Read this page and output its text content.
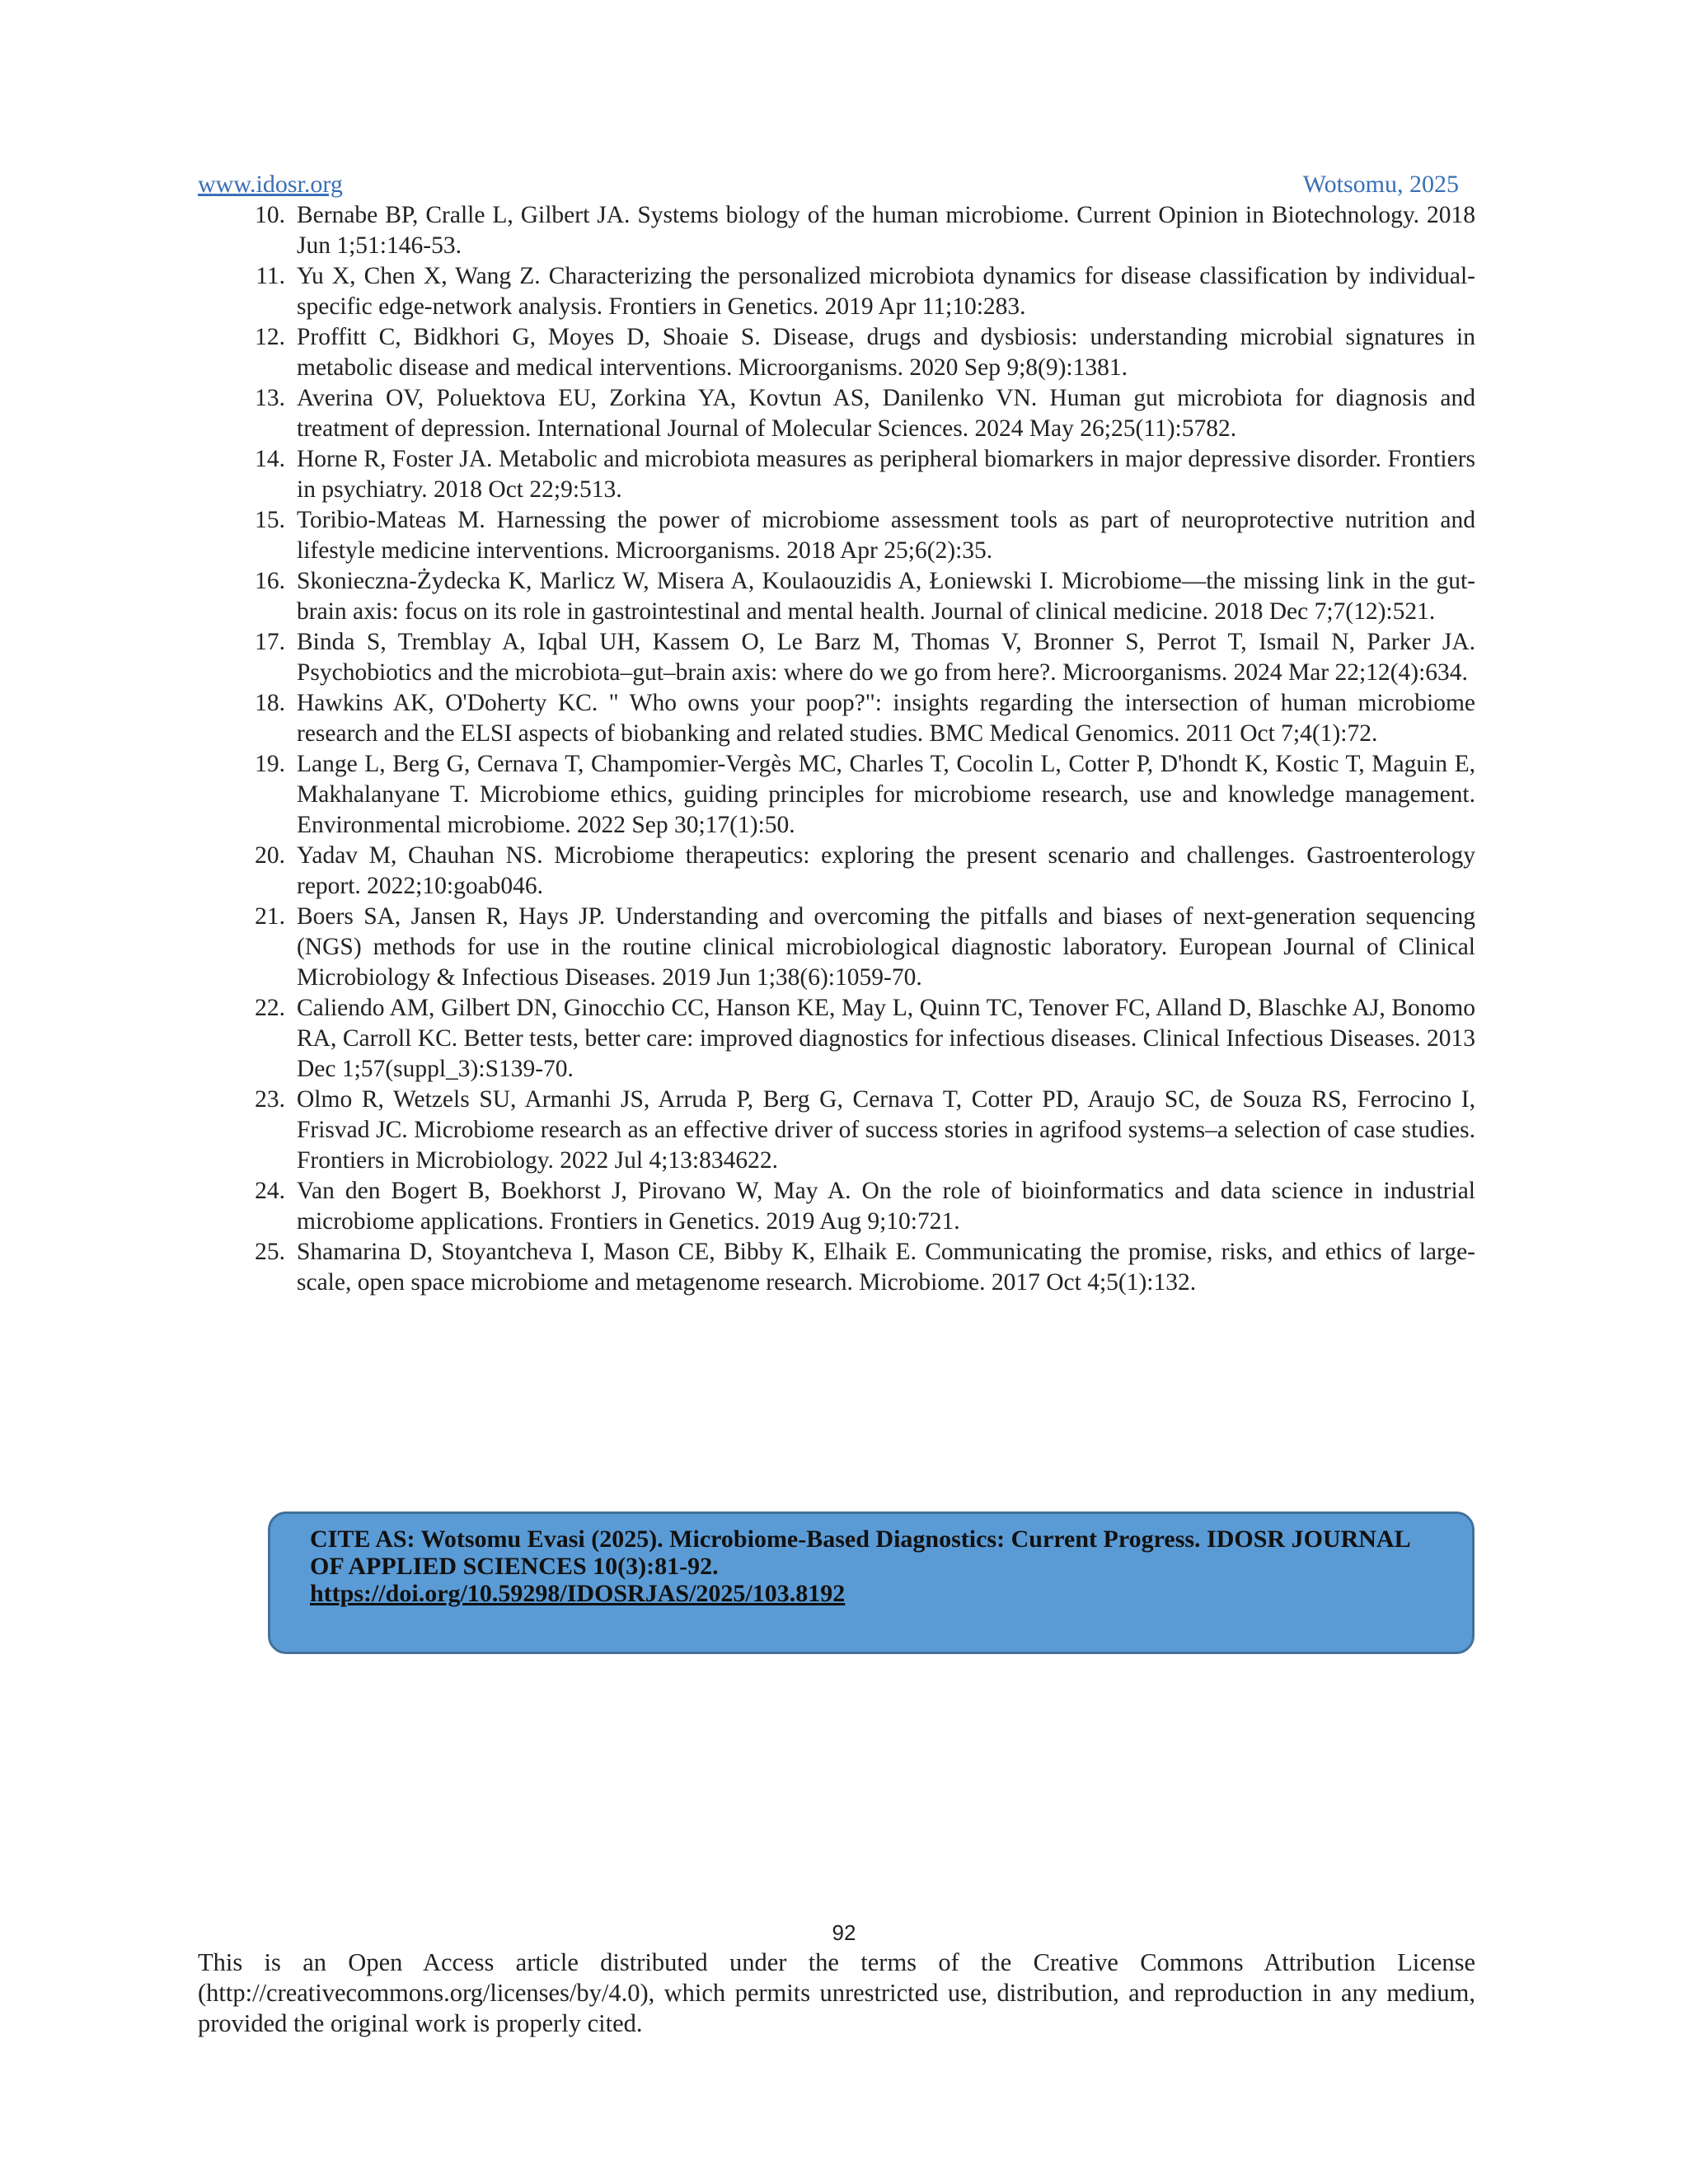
www.idosr.org	Wotsomu, 2025
10. Bernabe BP, Cralle L, Gilbert JA. Systems biology of the human microbiome. Current Opinion in Biotechnology. 2018 Jun 1;51:146-53.
11. Yu X, Chen X, Wang Z. Characterizing the personalized microbiota dynamics for disease classification by individual-specific edge-network analysis. Frontiers in Genetics. 2019 Apr 11;10:283.
12. Proffitt C, Bidkhori G, Moyes D, Shoaie S. Disease, drugs and dysbiosis: understanding microbial signatures in metabolic disease and medical interventions. Microorganisms. 2020 Sep 9;8(9):1381.
13. Averina OV, Poluektova EU, Zorkina YA, Kovtun AS, Danilenko VN. Human gut microbiota for diagnosis and treatment of depression. International Journal of Molecular Sciences. 2024 May 26;25(11):5782.
14. Horne R, Foster JA. Metabolic and microbiota measures as peripheral biomarkers in major depressive disorder. Frontiers in psychiatry. 2018 Oct 22;9:513.
15. Toribio-Mateas M. Harnessing the power of microbiome assessment tools as part of neuroprotective nutrition and lifestyle medicine interventions. Microorganisms. 2018 Apr 25;6(2):35.
16. Skonieczna-Żydecka K, Marlicz W, Misera A, Koulaouzidis A, Łoniewski I. Microbiome—the missing link in the gut-brain axis: focus on its role in gastrointestinal and mental health. Journal of clinical medicine. 2018 Dec 7;7(12):521.
17. Binda S, Tremblay A, Iqbal UH, Kassem O, Le Barz M, Thomas V, Bronner S, Perrot T, Ismail N, Parker JA. Psychobiotics and the microbiota–gut–brain axis: where do we go from here?. Microorganisms. 2024 Mar 22;12(4):634.
18. Hawkins AK, O'Doherty KC. " Who owns your poop?": insights regarding the intersection of human microbiome research and the ELSI aspects of biobanking and related studies. BMC Medical Genomics. 2011 Oct 7;4(1):72.
19. Lange L, Berg G, Cernava T, Champomier-Vergès MC, Charles T, Cocolin L, Cotter P, D'hondt K, Kostic T, Maguin E, Makhalanyane T. Microbiome ethics, guiding principles for microbiome research, use and knowledge management. Environmental microbiome. 2022 Sep 30;17(1):50.
20. Yadav M, Chauhan NS. Microbiome therapeutics: exploring the present scenario and challenges. Gastroenterology report. 2022;10:goab046.
21. Boers SA, Jansen R, Hays JP. Understanding and overcoming the pitfalls and biases of next-generation sequencing (NGS) methods for use in the routine clinical microbiological diagnostic laboratory. European Journal of Clinical Microbiology & Infectious Diseases. 2019 Jun 1;38(6):1059-70.
22. Caliendo AM, Gilbert DN, Ginocchio CC, Hanson KE, May L, Quinn TC, Tenover FC, Alland D, Blaschke AJ, Bonomo RA, Carroll KC. Better tests, better care: improved diagnostics for infectious diseases. Clinical Infectious Diseases. 2013 Dec 1;57(suppl_3):S139-70.
23. Olmo R, Wetzels SU, Armanhi JS, Arruda P, Berg G, Cernava T, Cotter PD, Araujo SC, de Souza RS, Ferrocino I, Frisvad JC. Microbiome research as an effective driver of success stories in agrifood systems–a selection of case studies. Frontiers in Microbiology. 2022 Jul 4;13:834622.
24. Van den Bogert B, Boekhorst J, Pirovano W, May A. On the role of bioinformatics and data science in industrial microbiome applications. Frontiers in Genetics. 2019 Aug 9;10:721.
25. Shamarina D, Stoyantcheva I, Mason CE, Bibby K, Elhaik E. Communicating the promise, risks, and ethics of large-scale, open space microbiome and metagenome research. Microbiome. 2017 Oct 4;5(1):132.
CITE AS: Wotsomu Evasi (2025). Microbiome-Based Diagnostics: Current Progress. IDOSR JOURNAL OF APPLIED SCIENCES 10(3):81-92.
https://doi.org/10.59298/IDOSRJAS/2025/103.8192
92
This is an Open Access article distributed under the terms of the Creative Commons Attribution License (http://creativecommons.org/licenses/by/4.0), which permits unrestricted use, distribution, and reproduction in any medium, provided the original work is properly cited.
